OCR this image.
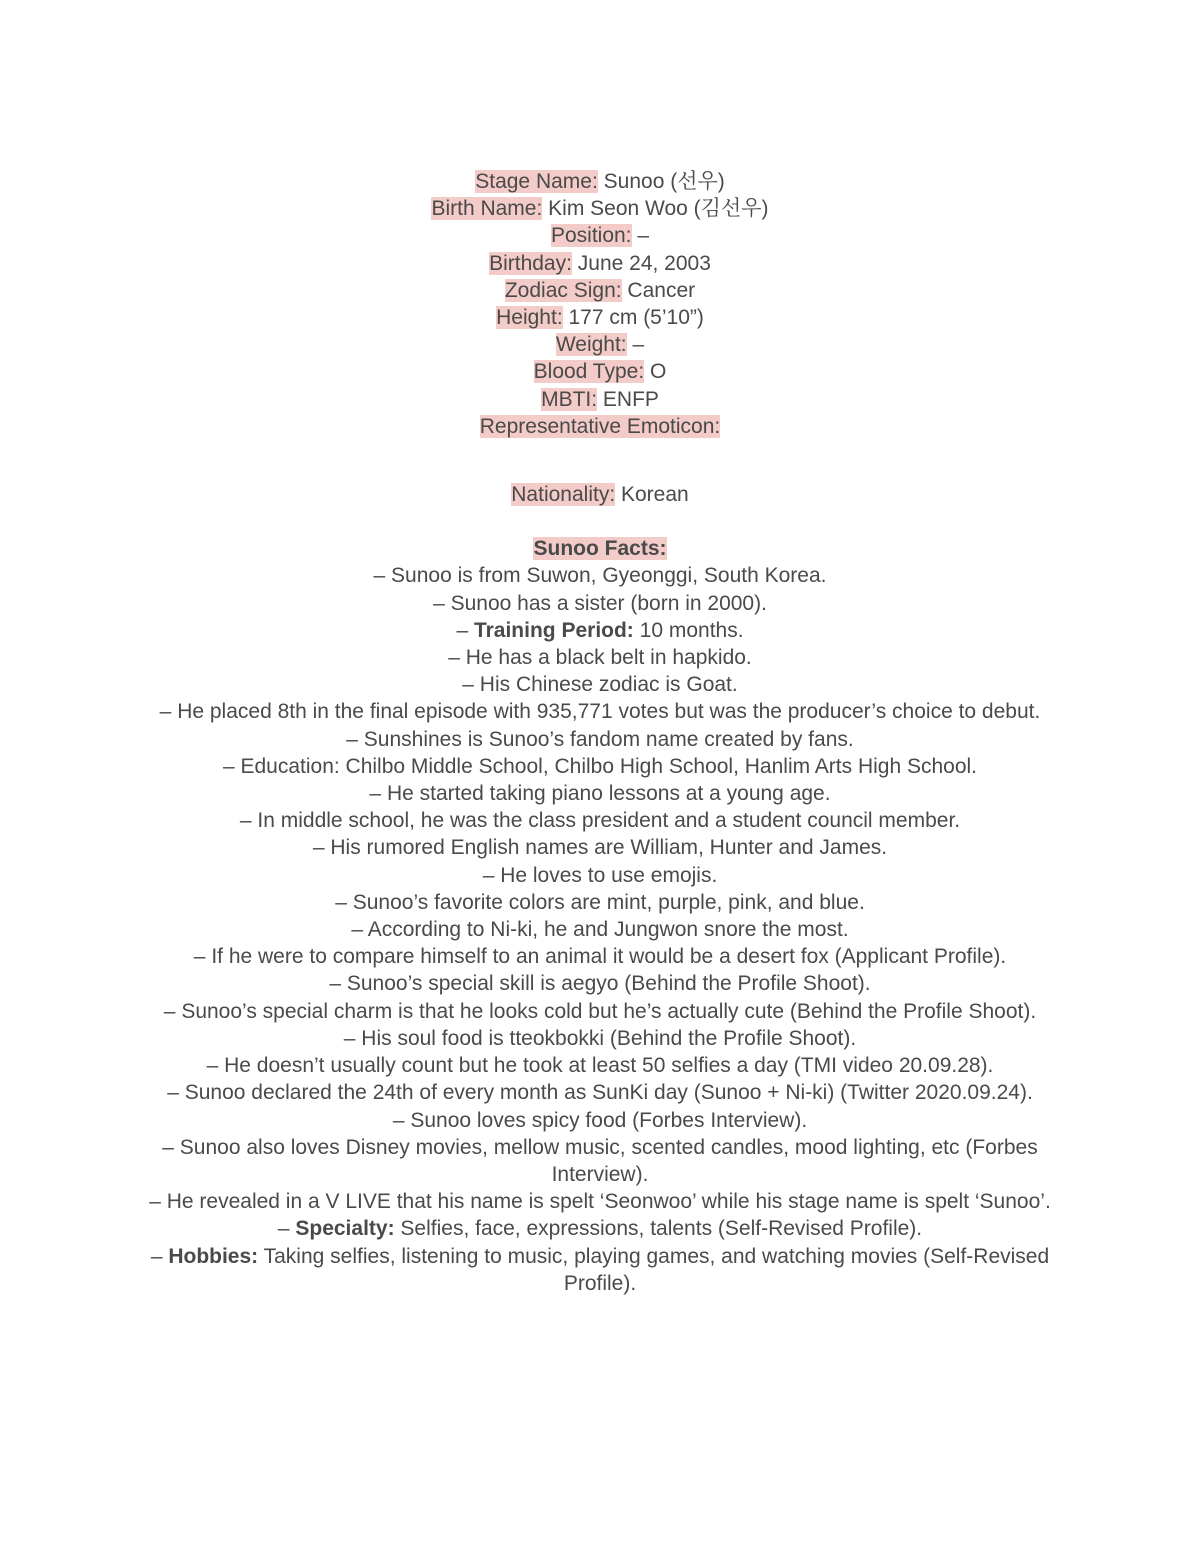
Stage Name: Sunoo (선우)
Birth Name: Kim Seon Woo (김선우)
Position: –
Birthday: June 24, 2003
Zodiac Sign: Cancer
Height: 177 cm (5’10”)
Weight: –
Blood Type: O
MBTI: ENFP
Representative Emoticon:
Nationality: Korean
Sunoo Facts:
– Sunoo is from Suwon, Gyeonggi, South Korea.
– Sunoo has a sister (born in 2000).
– Training Period: 10 months.
– He has a black belt in hapkido.
– His Chinese zodiac is Goat.
– He placed 8th in the final episode with 935,771 votes but was the producer’s choice to debut.
– Sunshines is Sunoo’s fandom name created by fans.
– Education: Chilbo Middle School, Chilbo High School, Hanlim Arts High School.
– He started taking piano lessons at a young age.
– In middle school, he was the class president and a student council member.
– His rumored English names are William, Hunter and James.
– He loves to use emojis.
– Sunoo’s favorite colors are mint, purple, pink, and blue.
– According to Ni-ki, he and Jungwon snore the most.
– If he were to compare himself to an animal it would be a desert fox (Applicant Profile).
– Sunoo’s special skill is aegyo (Behind the Profile Shoot).
– Sunoo’s special charm is that he looks cold but he’s actually cute (Behind the Profile Shoot).
– His soul food is tteokbokki (Behind the Profile Shoot).
– He doesn’t usually count but he took at least 50 selfies a day (TMI video 20.09.28).
– Sunoo declared the 24th of every month as SunKi day (Sunoo + Ni-ki) (Twitter 2020.09.24).
– Sunoo loves spicy food (Forbes Interview).
– Sunoo also loves Disney movies, mellow music, scented candles, mood lighting, etc (Forbes Interview).
– He revealed in a V LIVE that his name is spelt ‘Seonwoo’ while his stage name is spelt ‘Sunoo’.
– Specialty: Selfies, face, expressions, talents (Self-Revised Profile).
– Hobbies: Taking selfies, listening to music, playing games, and watching movies (Self-Revised Profile).
